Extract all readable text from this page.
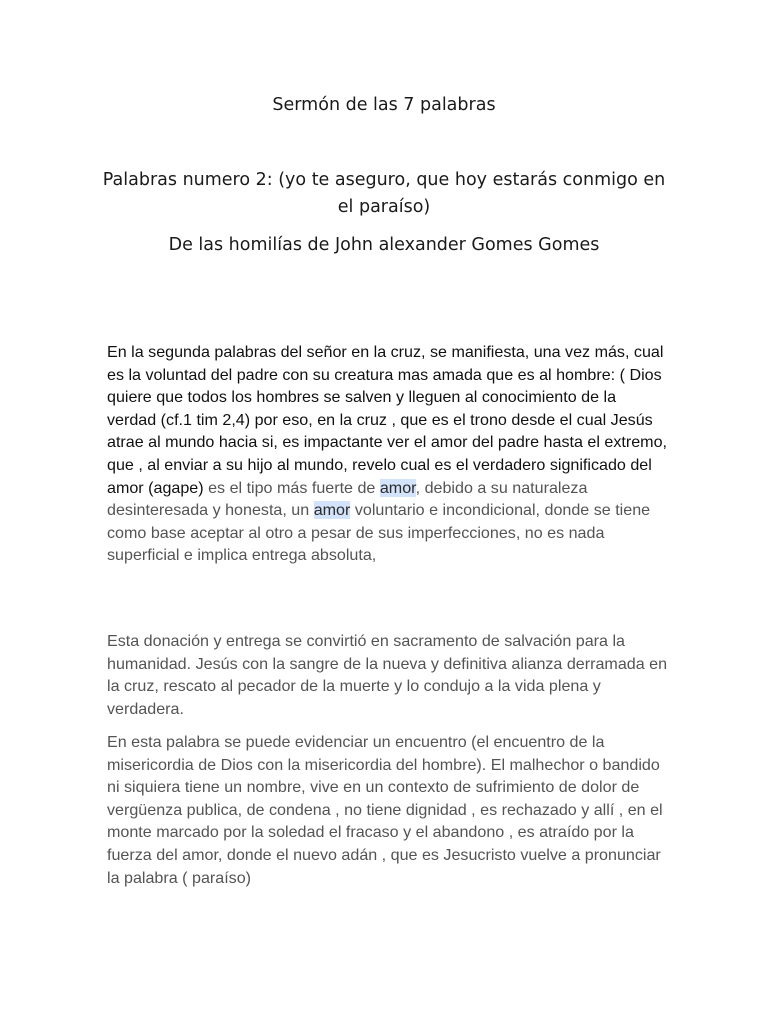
Sermón de las 7 palabras

Palabras numero 2: (yo te aseguro, que hoy estarás conmigo en el paraíso)

De las homilías de John alexander Gomes Gomes

En la segunda palabras del señor en la cruz, se manifiesta, una vez más, cual es la voluntad del padre con su creatura mas amada que es al hombre: ( Dios quiere que todos los hombres se salven y lleguen al conocimiento de la verdad (cf.1 tim 2,4) por eso, en la cruz , que es el trono desde el cual Jesús atrae al mundo hacia si, es impactante ver el amor del padre hasta el extremo, que , al enviar a su hijo al mundo, revelo cual es el verdadero significado del amor (agape) es el tipo más fuerte de amor, debido a su naturaleza desinteresada y honesta, un amor voluntario e incondicional, donde se tiene como base aceptar al otro a pesar de sus imperfecciones, no es nada superficial e implica entrega absoluta,

Esta donación y entrega se convirtió en sacramento de salvación para la humanidad. Jesús con la sangre de la nueva y definitiva alianza derramada en la cruz, rescato al pecador de la muerte y lo condujo a la vida plena y verdadera.

En esta palabra se puede evidenciar un encuentro (el encuentro de la misericordia de Dios con la misericordia del hombre). El malhechor o bandido ni siquiera tiene un nombre, vive en un contexto de sufrimiento de dolor de vergüenza publica, de condena , no tiene dignidad , es rechazado y allí , en el monte marcado por la soledad el fracaso y el abandono , es atraído por la fuerza del amor, donde el nuevo adán , que es Jesucristo vuelve a pronunciar la palabra ( paraíso)
